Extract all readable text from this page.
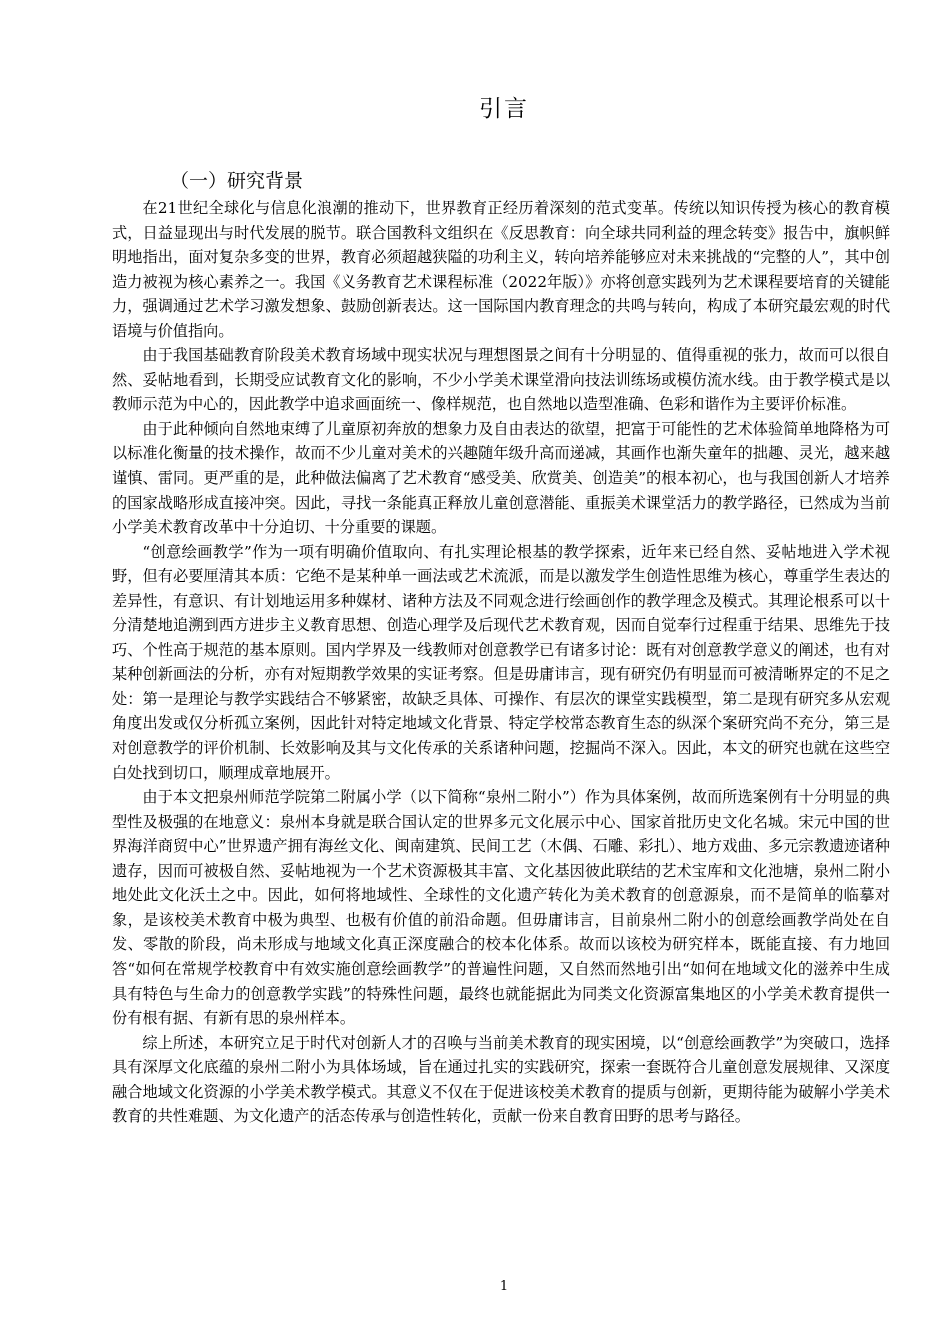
引言
（一）研究背景

在21世纪全球化与信息化浪潮的推动下，世界教育正经历着深刻的范式变革。传统以知识传授为核心的教育模式，日益显现出与时代发展的脱节。联合国教科文组织在《反思教育：向全球共同利益的理念转变》报告中，旗帜鲜明地指出，面对复杂多变的世界，教育必须超越狭隘的功利主义，转向培养能够应对未来挑战的“完整的人”，其中创造力被视为核心素养之一。我国《义务教育艺术课程标准（2022年版）》亦将创意实践列为艺术课程要培育的关键能力，强调通过艺术学习激发想象、鼓励创新表达。这一国际国内教育理念的共鸣与转向，构成了本研究最宏观的时代语境与价值指向。

由于我国基础教育阶段美术教育场域中现实状况与理想图景之间有十分明显的、值得重视的张力，故而可以很自然、妥帖地看到，长期受应试教育文化的影响，不少小学美术课堂滑向技法训练场或模仿流水线。由于教学模式是以教师示范为中心的，因此教学中追求画面统一、像样规范，也自然地以造型准确、色彩和谐作为主要评价标准。

由于此种倾向自然地束缚了儿童原初奔放的想象力及自由表达的欲望，把富于可能性的艺术体验简单地降格为可以标准化衡量的技术操作，故而不少儿童对美术的兴趣随年级升高而递减，其画作也渐失童年的拙趣、灵光，越来越谨慎、雷同。更严重的是，此种做法偏离了艺术教育“感受美、欣赏美、创造美”的根本初心，也与我国创新人才培养的国家战略形成直接冲突。因此，寻找一条能真正释放儿童创意潜能、重振美术课堂活力的教学路径，已然成为当前小学美术教育改革中十分迫切、十分重要的课题。

“创意绘画教学”作为一项有明确价值取向、有扎实理论根基的教学探索，近年来已经自然、妥帖地进入学术视野，但有必要厘清其本质：它绝不是某种单一画法或艺术流派，而是以激发学生创造性思维为核心，尊重学生表达的差异性，有意识、有计划地运用多种媒材、诸种方法及不同观念进行绘画创作的教学理念及模式。其理论根系可以十分清楚地追溯到西方进步主义教育思想、创造心理学及后现代艺术教育观，因而自觉奉行过程重于结果、思维先于技巧、个性高于规范的基本原则。国内学界及一线教师对创意教学已有诸多讨论：既有对创意教学意义的阐述，也有对某种创新画法的分析，亦有对短期教学效果的实证考察。但是毋庸讳言，现有研究仍有明显而可被清晰界定的不足之处：第一是理论与教学实践结合不够紧密，故缺乏具体、可操作、有层次的课堂实践模型，第二是现有研究多从宏观角度出发或仅分析孤立案例，因此针对特定地域文化背景、特定学校常态教育生态的纵深个案研究尚不充分，第三是对创意教学的评价机制、长效影响及其与文化传承的关系诸种问题，挖掘尚不深入。因此，本文的研究也就在这些空白处找到切口，顺理成章地展开。

由于本文把泉州师范学院第二附属小学（以下简称“泉州二附小”）作为具体案例，故而所选案例有十分明显的典型性及极强的在地意义：泉州本身就是联合国认定的世界多元文化展示中心、国家首批历史文化名城。宋元中国的世界海洋商贸中心”世界遗产拥有海丝文化、闽南建筑、民间工艺（木偶、石雕、彩扎）、地方戏曲、多元宗教遗迹诸种遗存，因而可被极自然、妥帖地视为一个艺术资源极其丰富、文化基因彼此联结的艺术宝库和文化池塘，泉州二附小地处此文化沃土之中。因此，如何将地域性、全球性的文化遗产转化为美术教育的创意源泉，而不是简单的临摹对象，是该校美术教育中极为典型、也极有价值的前沿命题。但毋庸讳言，目前泉州二附小的创意绘画教学尚处在自发、零散的阶段，尚未形成与地域文化真正深度融合的校本化体系。故而以该校为研究样本，既能直接、有力地回答“如何在常规学校教育中有效实施创意绘画教学”的普遍性问题，又自然而然地引出“如何在地域文化的滋养中生成具有特色与生命力的创意教学实践”的特殊性问题，最终也就能据此为同类文化资源富集地区的小学美术教育提供一份有根有据、有新有思的泉州样本。

综上所述，本研究立足于时代对创新人才的召唤与当前美术教育的现实困境，以“创意绘画教学”为突破口，选择具有深厚文化底蕴的泉州二附小为具体场域，旨在通过扎实的实践研究，探索一套既符合儿童创意发展规律、又深度融合地域文化资源的小学美术教学模式。其意义不仅在于促进该校美术教育的提质与创新，更期待能为破解小学美术教育的共性难题、为文化遗产的活态传承与创造性转化，贡献一份来自教育田野的思考与路径。

1
